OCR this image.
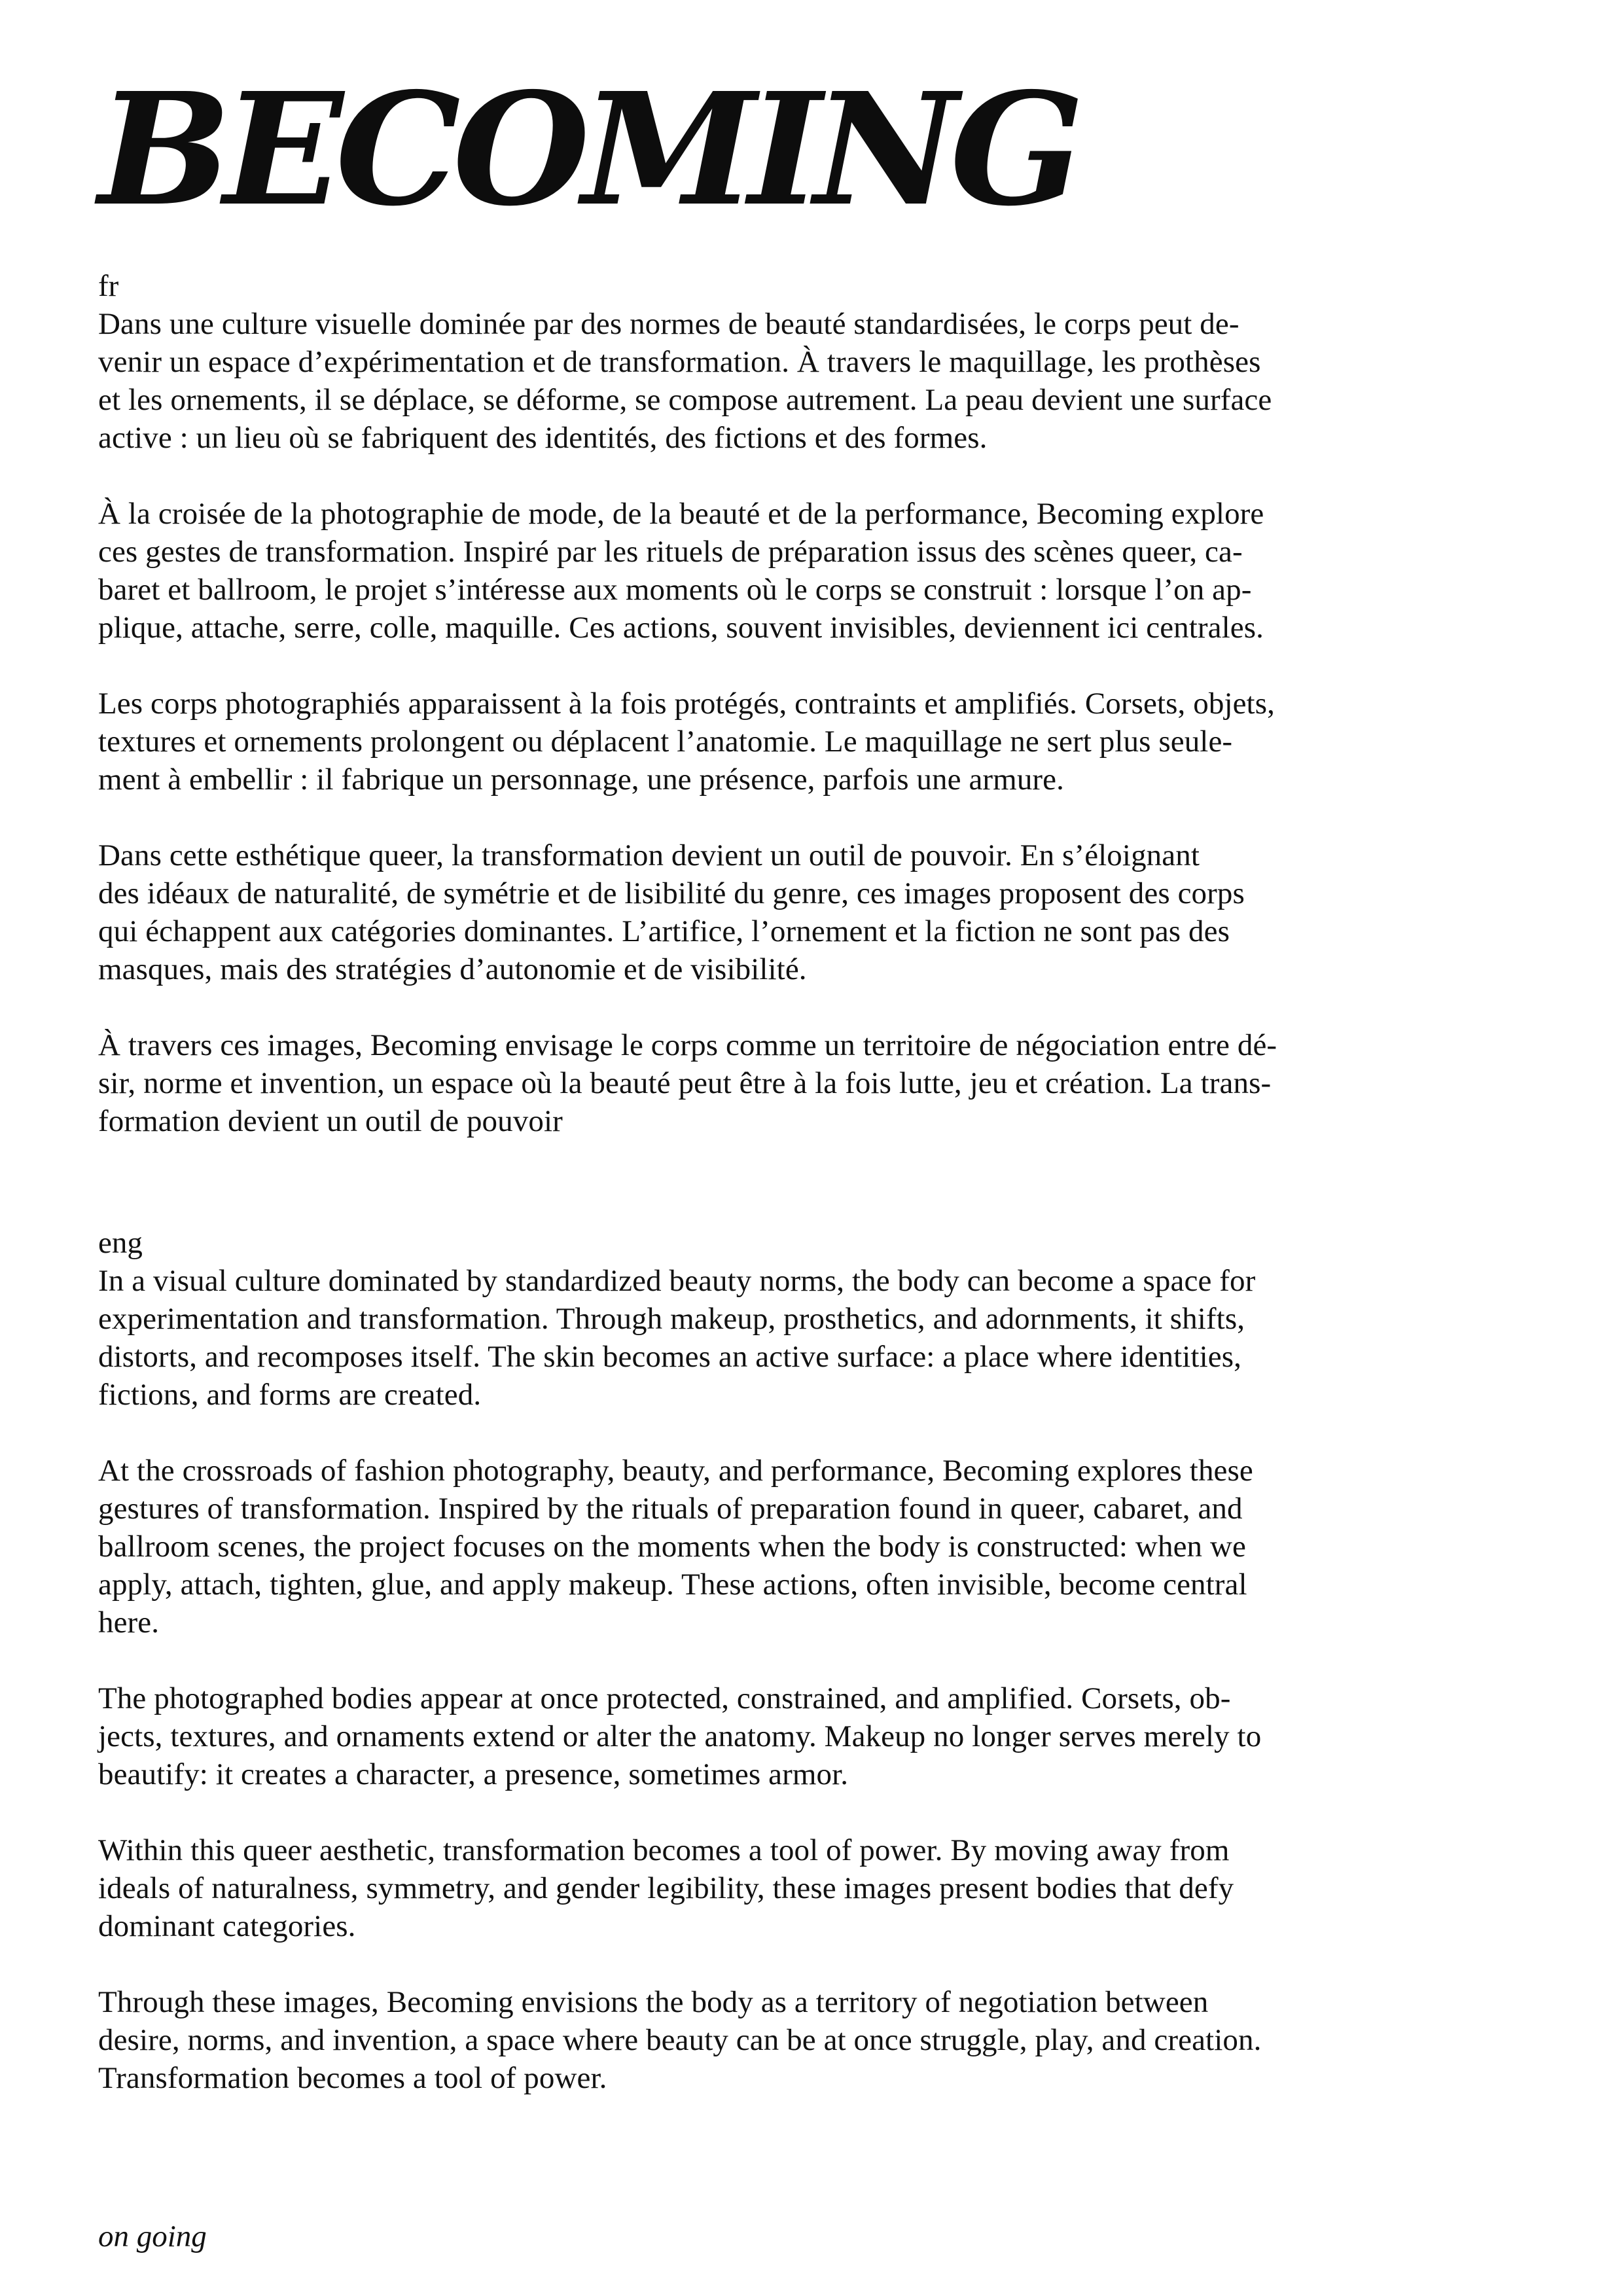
BECOMING

fr

Dans une culture visuelle dominée par des normes de beauté standardisées, le corps peut de-
venir un espace d’expérimentation et de transformation. À travers le maquillage, les prothèses
et les ornements, il se déplace, se déforme, se compose autrement. La peau devient une surface
active : un lieu où se fabriquent des identités, des fictions et des formes.

À la croisée de la photographie de mode, de la beauté et de la performance, Becoming explore
ces gestes de transformation. Inspiré par les rituels de préparation issus des scènes queer, ca-
baret et ballroom, le projet s’intéresse aux moments où le corps se construit : lorsque l’on ap-
plique, attache, serre, colle, maquille. Ces actions, souvent invisibles, deviennent ici centrales.

Les corps photographiés apparaissent à la fois protégés, contraints et amplifiés. Corsets, objets,
textures et ornements prolongent ou déplacent l’anatomie. Le maquillage ne sert plus seule-
ment à embellir : il fabrique un personnage, une présence, parfois une armure.

Dans cette esthétique queer, la transformation devient un outil de pouvoir. En s’éloignant
des idéaux de naturalité, de symétrie et de lisibilité du genre, ces images proposent des corps
qui échappent aux catégories dominantes. L’artifice, l’ornement et la fiction ne sont pas des
masques, mais des stratégies d’autonomie et de visibilité.

À travers ces images, Becoming envisage le corps comme un territoire de négociation entre dé-
sir, norme et invention, un espace où la beauté peut être à la fois lutte, jeu et création. La trans-
formation devient un outil de pouvoir

eng

In a visual culture dominated by standardized beauty norms, the body can become a space for
experimentation and transformation. Through makeup, prosthetics, and adornments, it shifts,
distorts, and recomposes itself. The skin becomes an active surface: a place where identities,
fictions, and forms are created.

At the crossroads of fashion photography, beauty, and performance, Becoming explores these
gestures of transformation. Inspired by the rituals of preparation found in queer, cabaret, and
ballroom scenes, the project focuses on the moments when the body is constructed: when we
apply, attach, tighten, glue, and apply makeup. These actions, often invisible, become central
here.

The photographed bodies appear at once protected, constrained, and amplified. Corsets, ob-
jects, textures, and ornaments extend or alter the anatomy. Makeup no longer serves merely to
beautify: it creates a character, a presence, sometimes armor.

Within this queer aesthetic, transformation becomes a tool of power. By moving away from
ideals of naturalness, symmetry, and gender legibility, these images present bodies that defy
dominant categories.

Through these images, Becoming envisions the body as a territory of negotiation between
desire, norms, and invention, a space where beauty can be at once struggle, play, and creation.
Transformation becomes a tool of power.

on going
